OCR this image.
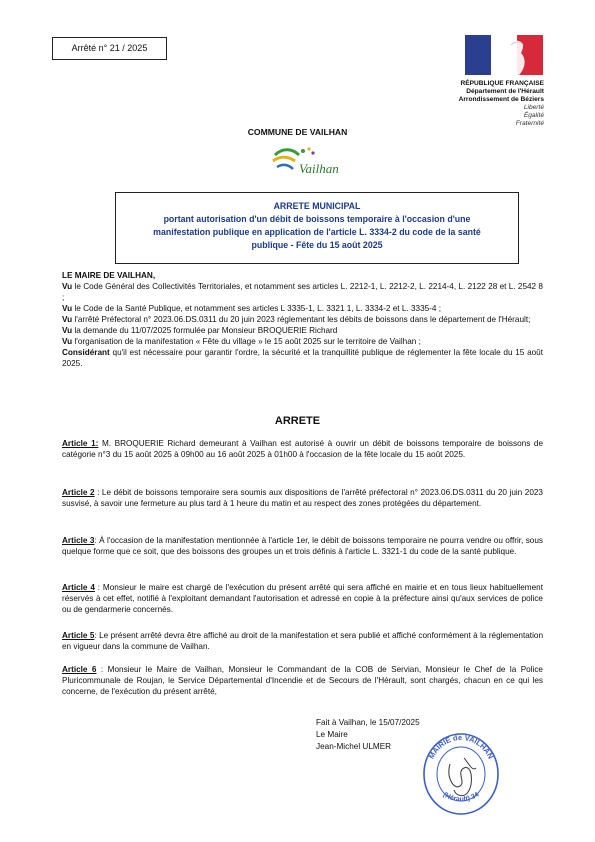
Arrêté n° 21 / 2025
RÉPUBLIQUE FRANÇAISE
Département de l'Hérault
Arrondissement de Béziers
Liberté
Égalité
Fraternité
COMMUNE DE VAILHAN
Vailhan
ARRETE MUNICIPAL
portant autorisation d'un débit de boissons temporaire à l'occasion d'une
manifestation publique en application de l'article L. 3334-2 du code de la santé
publique - Fête du 15 août 2025
LE MAIRE DE VAILHAN,
Vu le Code Général des Collectivités Territoriales, et notamment ses articles L. 2212-1, L. 2212-2, L. 2214-4, L. 2122 28 et L. 2542 8 ;
Vu le Code de la Santé Publique, et notamment ses articles L 3335-1, L. 3321 1, L. 3334-2 et L. 3335-4 ;
Vu l'arrêté Préfectoral n° 2023.06.DS.0311 du 20 juin 2023 réglementant les débits de boissons dans le département de l'Hérault;
Vu la demande du 11/07/2025 formulée par Monsieur BROQUERIE Richard
Vu l'organisation de la manifestation « Fête du village » le 15 août 2025 sur le territoire de Vailhan ;
Considérant qu'il est nécessaire pour garantir l'ordre, la sécurité et la tranquillité publique de réglementer la fête locale du 15 août 2025.
ARRETE
Article 1: M. BROQUERIE Richard demeurant à Vailhan est autorisé à ouvrir un débit de boissons temporaire de boissons de catégorie n°3 du 15 août 2025 à 09h00 au 16 août 2025 à 01h00 à l'occasion de la fête locale du 15 août 2025.
Article 2 : Le débit de boissons temporaire sera soumis aux dispositions de l'arrêté préfectoral n° 2023.06.DS.0311 du 20 juin 2023 susvisé, à savoir une fermeture au plus tard à 1 heure du matin et au respect des zones protégées du département.
Article 3: À l'occasion de la manifestation mentionnée à l'article 1er, le débit de boissons temporaire ne pourra vendre ou offrir, sous quelque forme que ce soit, que des boissons des groupes un et trois définis à l'article L. 3321-1 du code de la santé publique.
Article 4 : Monsieur le maire est chargé de l'exécution du présent arrêté qui sera affiché en mairie et en tous lieux habituellement réservés à cet effet, notifié à l'exploitant demandant l'autorisation et adressé en copie à la préfecture ainsi qu'aux services de police ou de gendarmerie concernés.
Article 5: Le présent arrêté devra être affiché au droit de la manifestation et sera publié et affiché conformément à la réglementation en vigueur dans la commune de Vailhan.
Article 6 : Monsieur le Maire de Vailhan, Monsieur le Commandant de la COB de Servian, Monsieur le Chef de la Police Pluricommunale de Roujan, le Service Départemental d'Incendie et de Secours de l'Hérault, sont chargés, chacun en ce qui les concerne, de l'exécution du présent arrêté,
Fait à Vailhan, le 15/07/2025
Le Maire
Jean-Michel ULMER
MAIRIE de VAILHAN
(Hérault) 34
